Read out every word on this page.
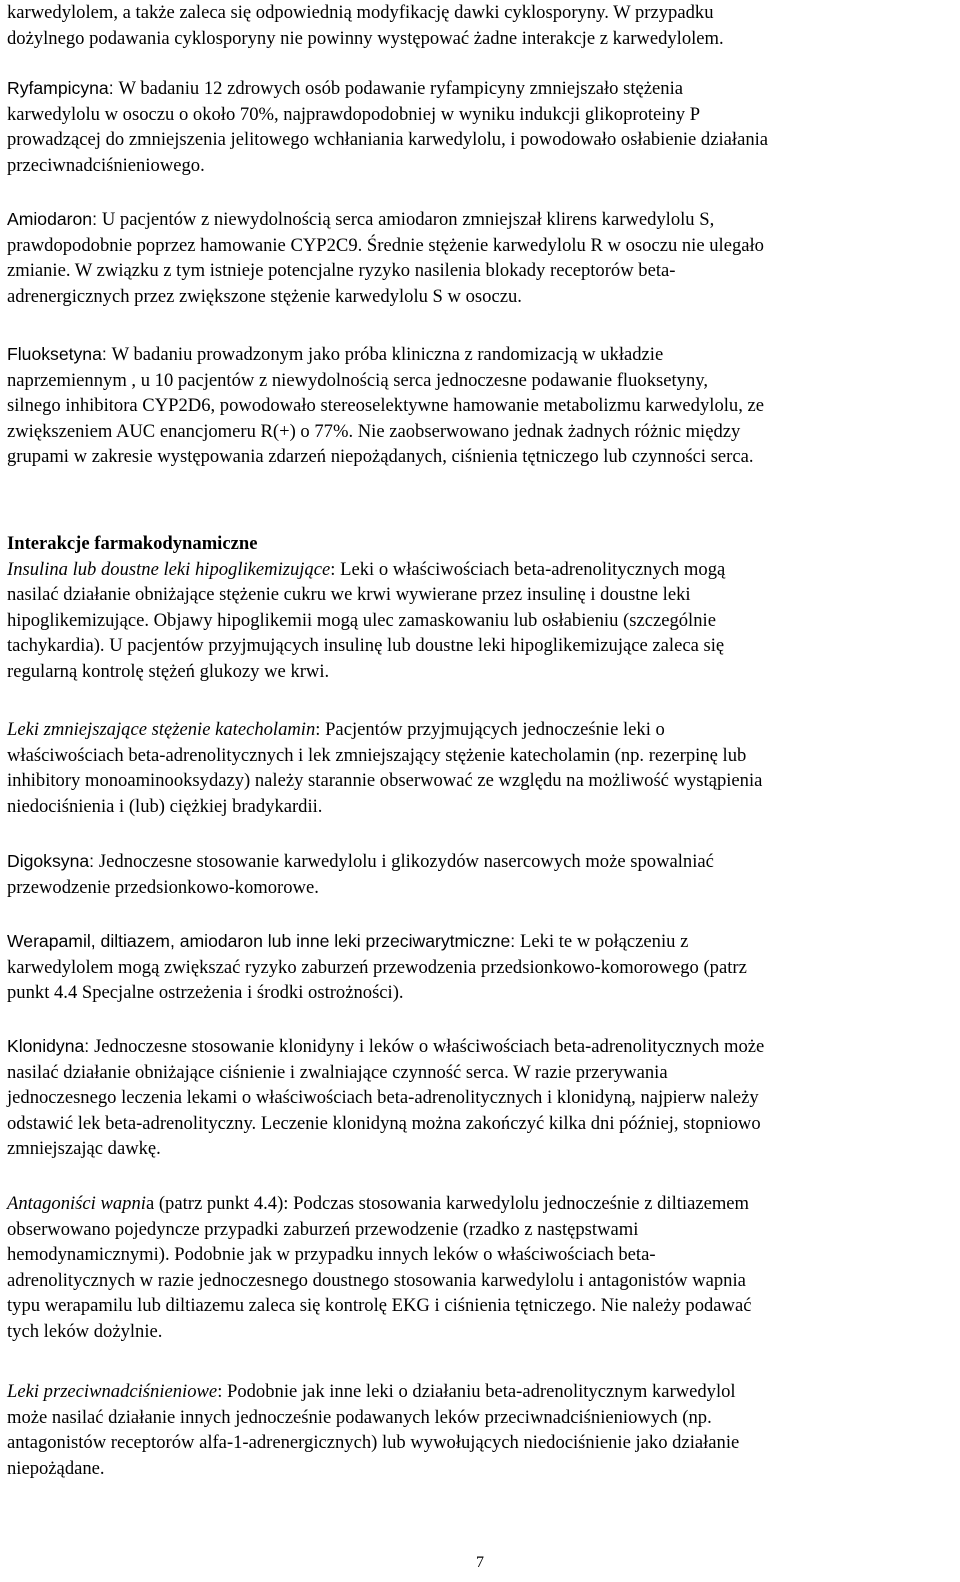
karwedylolem, a także zaleca się odpowiednią modyfikację dawki cyklosporyny. W przypadku
dożylnego podawania cyklosporyny nie powinny występować żadne interakcje z karwedylolem.
Ryfampicyna: W badaniu 12 zdrowych osób podawanie ryfampicyny zmniejszało stężenia
karwedylolu w osoczu o około 70%, najprawdopodobniej w wyniku indukcji glikoproteiny P
prowadzącej do zmniejszenia jelitowego wchłaniania karwedylolu, i powodowało osłabienie działania
przeciwnadciśnieniowego.
Amiodaron: U pacjentów z niewydolnością serca amiodaron zmniejszał klirens karwedylolu S,
prawdopodobnie poprzez hamowanie CYP2C9. Średnie stężenie karwedylolu R w osoczu nie ulegało
zmianie. W związku z tym istnieje potencjalne ryzyko nasilenia blokady receptorów beta-
adrenergicznych przez zwiększone stężenie karwedylolu S w osoczu.
Fluoksetyna: W badaniu prowadzonym jako próba kliniczna z randomizacją w układzie
naprzemiennym , u 10 pacjentów z niewydolnością serca jednoczesne podawanie fluoksetyny,
silnego inhibitora CYP2D6, powodowało stereoselektywne hamowanie metabolizmu karwedylolu, ze
zwiększeniem AUC enancjomeru R(+) o 77%. Nie zaobserwowano jednak żadnych różnic między
grupami w zakresie występowania zdarzeń niepożądanych, ciśnienia tętniczego lub czynności serca.
Interakcje farmakodynamiczne
Insulina lub doustne leki hipoglikemizujące: Leki o właściwościach beta-adrenolitycznych mogą
nasilać działanie obniżające stężenie cukru we krwi wywierane przez insulinę i doustne leki
hipoglikemizujące. Objawy hipoglikemii mogą ulec zamaskowaniu lub osłabieniu (szczególnie
tachykardia). U pacjentów przyjmujących insulinę lub doustne leki hipoglikemizujące zaleca się
regularną kontrolę stężeń glukozy we krwi.
Leki zmniejszające stężenie katecholamin: Pacjentów przyjmujących jednocześnie leki o
właściwościach beta-adrenolitycznych i lek zmniejszający stężenie katecholamin (np. rezerpinę lub
inhibitory monoaminooksydazy) należy starannie obserwować ze względu na możliwość wystąpienia
niedociśnienia i (lub) ciężkiej bradykardii.
Digoksyna: Jednoczesne stosowanie karwedylolu i glikozydów nasercowych może spowalniać
przewodzenie przedsionkowo-komorowe.
Werapamil, diltiazem, amiodaron lub inne leki przeciwarytmiczne: Leki te w połączeniu z
karwedylolem mogą zwiększać ryzyko zaburzeń przewodzenia przedsionkowo-komorowego (patrz
punkt 4.4 Specjalne ostrzeżenia i środki ostrożności).
Klonidyna: Jednoczesne stosowanie klonidyny i leków o właściwościach beta-adrenolitycznych może
nasilać działanie obniżające ciśnienie i zwalniające czynność serca. W razie przerywania
jednoczesnego leczenia lekami o właściwościach beta-adrenolitycznych i klonidyną, najpierw należy
odstawić lek beta-adrenolityczny. Leczenie klonidyną można zakończyć kilka dni później, stopniowo
zmniejszając dawkę.
Antagoniści wapnia (patrz punkt 4.4): Podczas stosowania karwedylolu jednocześnie z diltiazemem
obserwowano pojedyncze przypadki zaburzeń przewodzenie (rzadko z następstwami
hemodynamicznymi). Podobnie jak w przypadku innych leków o właściwościach beta-
adrenolitycznych w razie jednoczesnego doustnego stosowania karwedylolu i antagonistów wapnia
typu werapamilu lub diltiazemu zaleca się kontrolę EKG i ciśnienia tętniczego. Nie należy podawać
tych leków dożylnie.
Leki przeciwnadciśnieniowe: Podobnie jak inne leki o działaniu beta-adrenolitycznym karwedylol
może nasilać działanie innych jednocześnie podawanych leków przeciwnadciśnieniowych (np.
antagonistów receptorów alfa-1-adrenergicznych) lub wywołujących niedociśnienie jako działanie
niepożądane.
7
